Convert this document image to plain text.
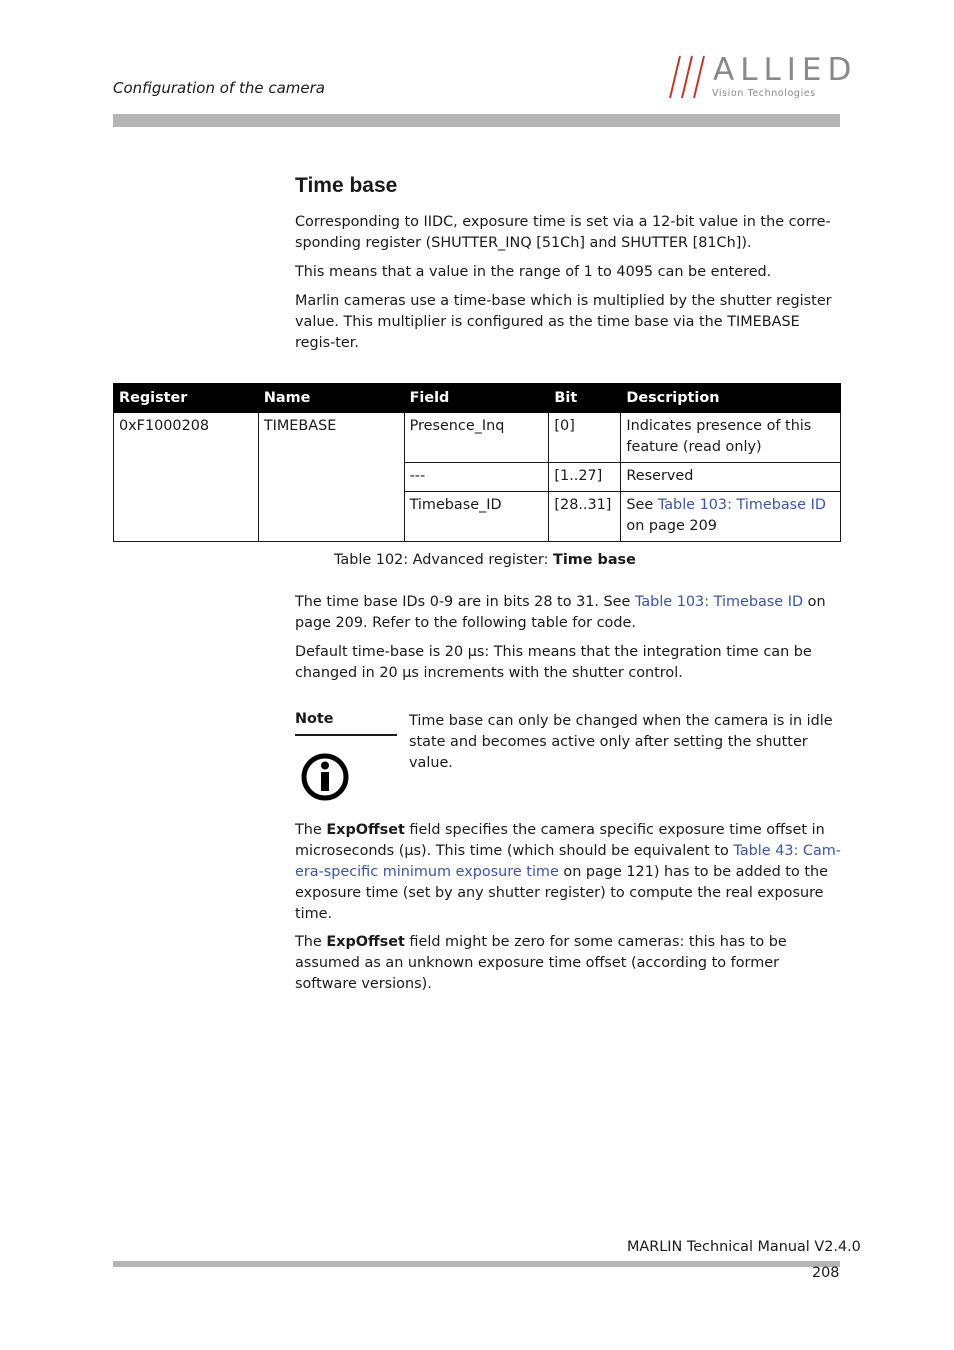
Configuration of the camera	ALLIED
Vision Technologies
Time base

Corresponding to IIDC, exposure time is set via a 12-bit value in the corre-sponding register (SHUTTER_INQ [51Ch] and SHUTTER [81Ch]).

This means that a value in the range of 1 to 4095 can be entered.

Marlin cameras use a time-base which is multiplied by the shutter register value. This multiplier is configured as the time base via the TIMEBASE regis-ter.

Register	Name	Field	Bit	Description
0xF1000208	TIMEBASE	Presence_Inq	[0]	Indicates presence of this feature (read only)
		---	[1..27]	Reserved
		Timebase_ID	[28..31]	See Table 103: Timebase ID on page 209
Table 102: Advanced register: Time base

The time base IDs 0-9 are in bits 28 to 31. See Table 103: Timebase ID on page 209. Refer to the following table for code.

Default time-base is 20 µs: This means that the integration time can be changed in 20 µs increments with the shutter control.

Note	Time base can only be changed when the camera is in idle state and becomes active only after setting the shutter value.

The ExpOffset field specifies the camera specific exposure time offset in microseconds (µs). This time (which should be equivalent to Table 43: Cam-era-specific minimum exposure time on page 121) has to be added to the exposure time (set by any shutter register) to compute the real exposure time.

The ExpOffset field might be zero for some cameras: this has to be assumed as an unknown exposure time offset (according to former software versions).

MARLIN Technical Manual V2.4.0
208
